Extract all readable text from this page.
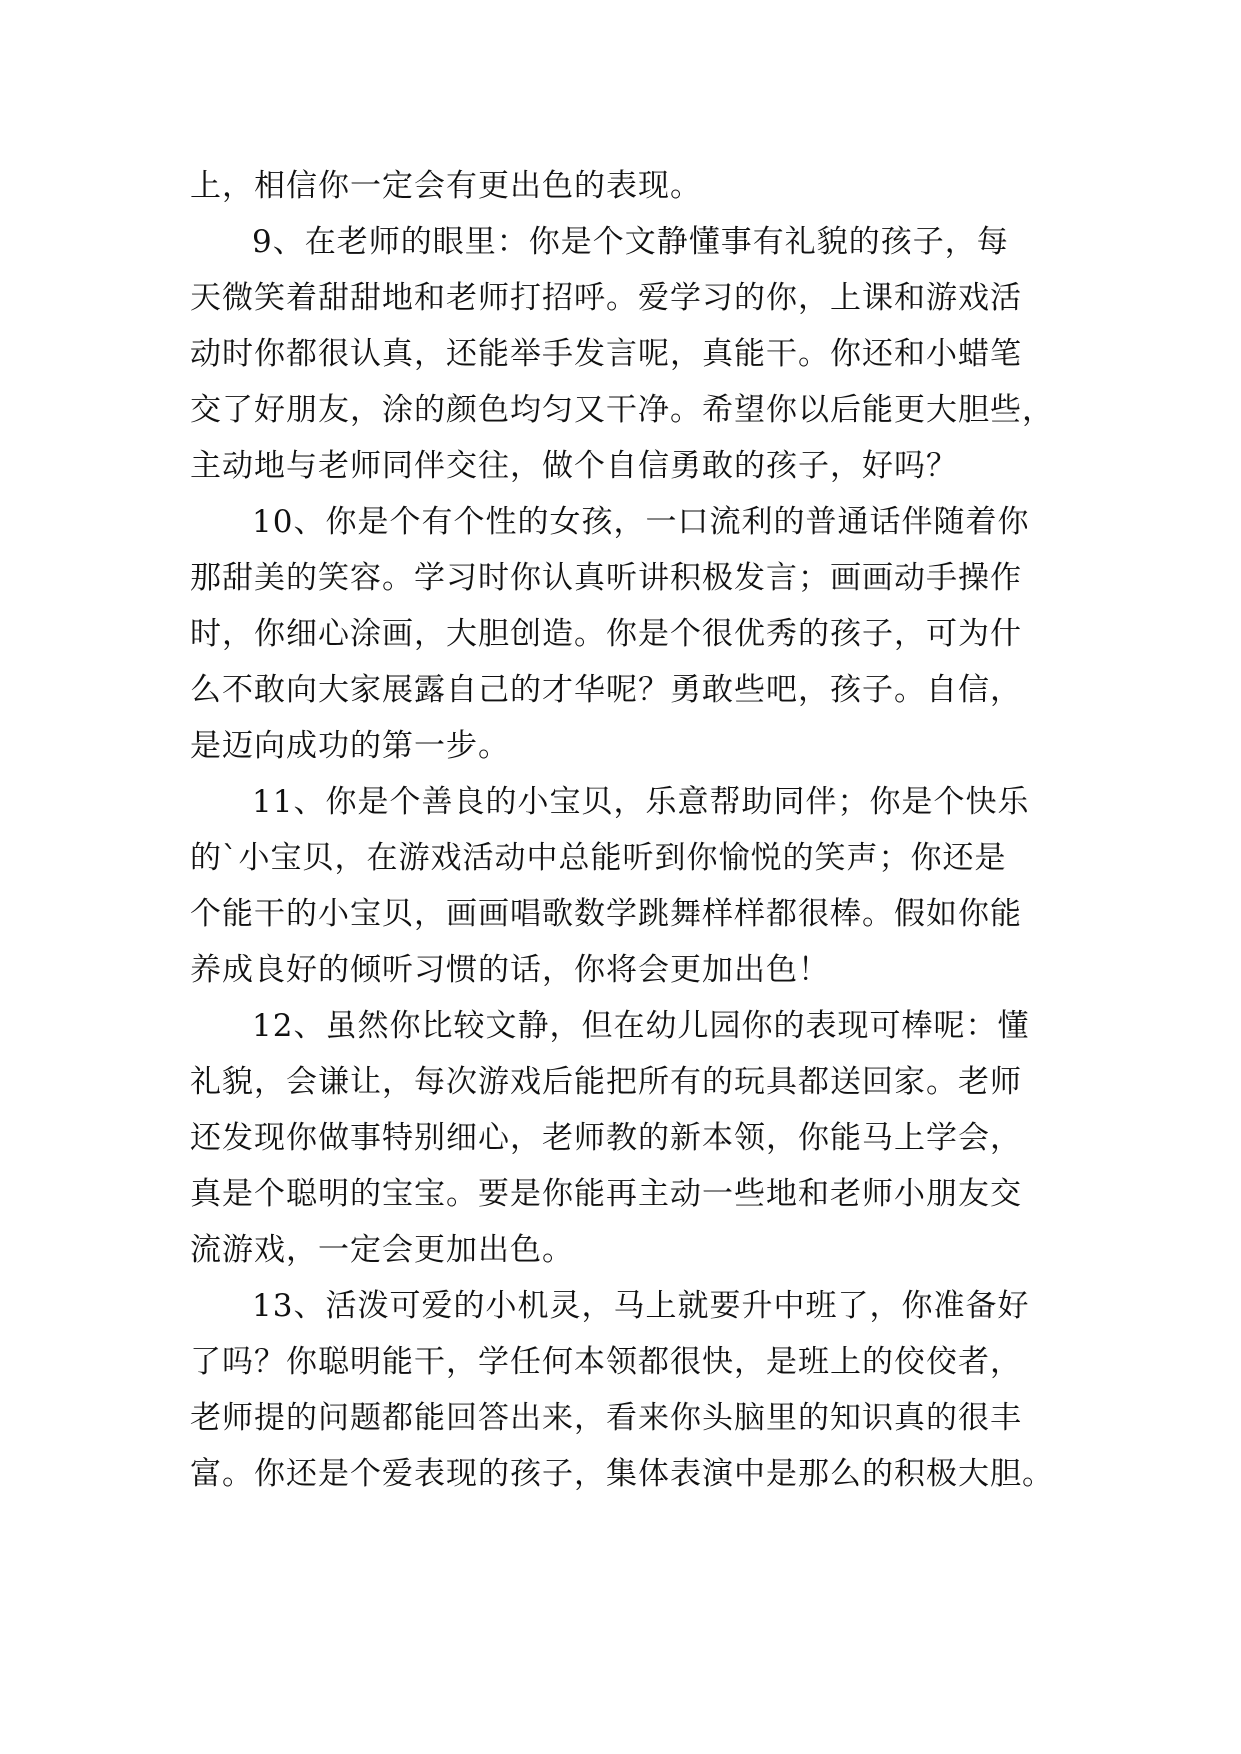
上，相信你一定会有更出色的表现。
9、在老师的眼里：你是个文静懂事有礼貌的孩子，每
天微笑着甜甜地和老师打招呼。爱学习的你，上课和游戏活
动时你都很认真，还能举手发言呢，真能干。你还和小蜡笔
交了好朋友，涂的颜色均匀又干净。希望你以后能更大胆些，
主动地与老师同伴交往，做个自信勇敢的孩子，好吗？
10、你是个有个性的女孩，一口流利的普通话伴随着你
那甜美的笑容。学习时你认真听讲积极发言；画画动手操作
时，你细心涂画，大胆创造。你是个很优秀的孩子，可为什
么不敢向大家展露自己的才华呢？勇敢些吧，孩子。自信，
是迈向成功的第一步。
11、你是个善良的小宝贝，乐意帮助同伴；你是个快乐
的`小宝贝，在游戏活动中总能听到你愉悦的笑声；你还是
个能干的小宝贝，画画唱歌数学跳舞样样都很棒。假如你能
养成良好的倾听习惯的话，你将会更加出色！
12、虽然你比较文静，但在幼儿园你的表现可棒呢：懂
礼貌，会谦让，每次游戏后能把所有的玩具都送回家。老师
还发现你做事特别细心，老师教的新本领，你能马上学会，
真是个聪明的宝宝。要是你能再主动一些地和老师小朋友交
流游戏，一定会更加出色。
13、活泼可爱的小机灵，马上就要升中班了，你准备好
了吗？你聪明能干，学任何本领都很快，是班上的佼佼者，
老师提的问题都能回答出来，看来你头脑里的知识真的很丰
富。你还是个爱表现的孩子，集体表演中是那么的积极大胆。
